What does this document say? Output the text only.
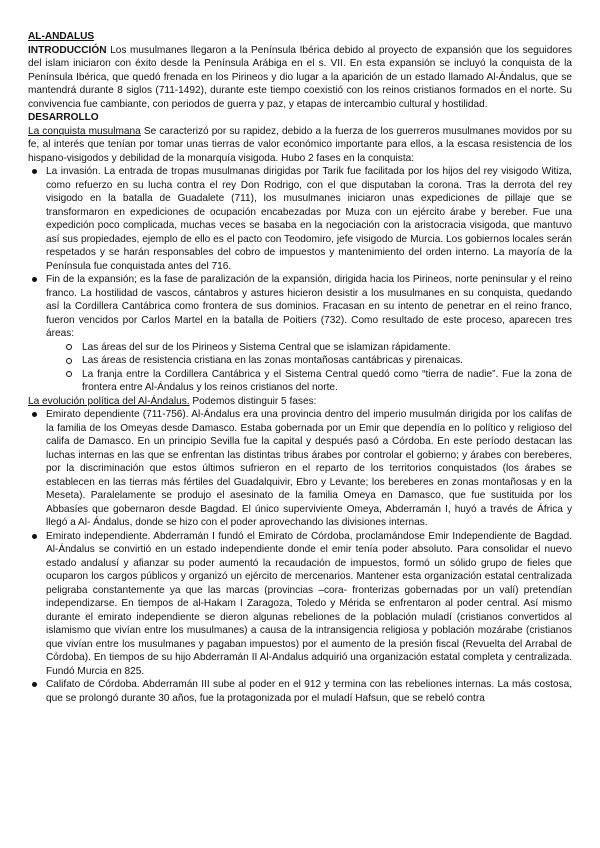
AL-ANDALUS

INTRODUCCIÓN Los musulmanes llegaron a la Península Ibérica debido al proyecto de expansión que los seguidores del islam iniciaron con éxito desde la Península Arábiga en el s. VII. En esta expansión se incluyó la conquista de la Península Ibérica, que quedó frenada en los Pirineos y dio lugar a la aparición de un estado llamado Al-Ándalus, que se mantendrá durante 8 siglos (711-1492), durante este tiempo coexistió con los reinos cristianos formados en el norte. Su convivencia fue cambiante, con periodos de guerra y paz, y etapas de intercambio cultural y hostilidad.

DESARROLLO

La conquista musulmana Se caracterizó por su rapidez, debido a la fuerza de los guerreros musulmanes movidos por su fe, al interés que tenían por tomar unas tierras de valor económico importante para ellos, a la escasa resistencia de los hispano-visigodos y debilidad de la monarquía visigoda. Hubo 2 fases en la conquista:

La invasión. La entrada de tropas musulmanas dirigidas por Tarik fue facilitada por los hijos del rey visigodo Witiza, como refuerzo en su lucha contra el rey Don Rodrigo, con el que disputaban la corona. Tras la derrota del rey visigodo en la batalla de Guadalete (711), los musulmanes iniciaron unas expediciones de pillaje que se transformaron en expediciones de ocupación encabezadas por Muza con un ejército árabe y bereber. Fue una expedición poco complicada, muchas veces se basaba en la negociación con la aristocracia visigoda, que mantuvo así sus propiedades, ejemplo de ello es el pacto con Teodomiro, jefe visigodo de Murcia. Los gobiernos locales serán respetados y se harán responsables del cobro de impuestos y mantenimiento del orden interno. La mayoría de la Península fue conquistada antes del 716.
Fin de la expansión; es la fase de paralización de la expansión, dirigida hacia los Pirineos, norte peninsular y el reino franco. La hostilidad de vascos, cántabros y astures hicieron desistir a los musulmanes en su conquista, quedando así la Cordillera Cantábrica como frontera de sus dominios. Fracasan en su intento de penetrar en el reino franco, fueron vencidos por Carlos Martel en la batalla de Poitiers (732). Como resultado de este proceso, aparecen tres áreas:
Las áreas del sur de los Pirineos y Sistema Central que se islamizan rápidamente.
Las áreas de resistencia cristiana en las zonas montañosas cantábricas y pirenaicas.
La franja entre la Cordillera Cantábrica y el Sistema Central quedó como “tierra de nadie”. Fue la zona de frontera entre Al-Ándalus y los reinos cristianos del norte.

La evolución política del Al-Ándalus. Podemos distinguir 5 fases:

Emirato dependiente (711-756). Al-Ándalus era una provincia dentro del imperio musulmán dirigida por los califas de la familia de los Omeyas desde Damasco. Estaba gobernada por un Emir que dependía en lo político y religioso del califa de Damasco. En un principio Sevilla fue la capital y después pasó a Córdoba. En este período destacan las luchas internas en las que se enfrentan las distintas tribus árabes por controlar el gobierno; y árabes con bereberes, por la discriminación que estos últimos sufrieron en el reparto de los territorios conquistados (los árabes se establecen en las tierras más fértiles del Guadalquivir, Ebro y Levante; los bereberes en zonas montañosas y en la Meseta). Paralelamente se produjo el asesinato de la familia Omeya en Damasco, que fue sustituida por los Abbasíes que gobernaron desde Bagdad. El único superviviente Omeya, Abderramán I, huyó a través de África y llegó a Al- Ándalus, donde se hizo con el poder aprovechando las divisiones internas.
Emirato independiente. Abderramán I fundó el Emirato de Córdoba, proclamándose Emir Independiente de Bagdad. Al-Ándalus se convirtió en un estado independiente donde el emir tenía poder absoluto. Para consolidar el nuevo estado andalusí y afianzar su poder aumentó la recaudación de impuestos, formó un sólido grupo de fieles que ocuparon los cargos públicos y organizó un ejército de mercenarios. Mantener esta organización estatal centralizada peligraba constantemente ya que las marcas (provincias –cora- fronterizas gobernadas por un valí) pretendían independizarse. En tiempos de al-Hakam I Zaragoza, Toledo y Mérida se enfrentaron al poder central. Así mismo durante el emirato independiente se dieron algunas rebeliones de la población muladí (cristianos convertidos al islamismo que vivían entre los musulmanes) a causa de la intransigencia religiosa y población mozárabe (cristianos que vivían entre los musulmanes y pagaban impuestos) por el aumento de la presión fiscal (Revuelta del Arrabal de Córdoba). En tiempos de su hijo Abderramán II Al-Andalus adquirió una organización estatal completa y centralizada. Fundó Murcia en 825.
Califato de Córdoba. Abderramán III sube al poder en el 912 y termina con las rebeliones internas. La más costosa, que se prolongó durante 30 años, fue la protagonizada por el muladí Hafsun, que se rebeló contra
